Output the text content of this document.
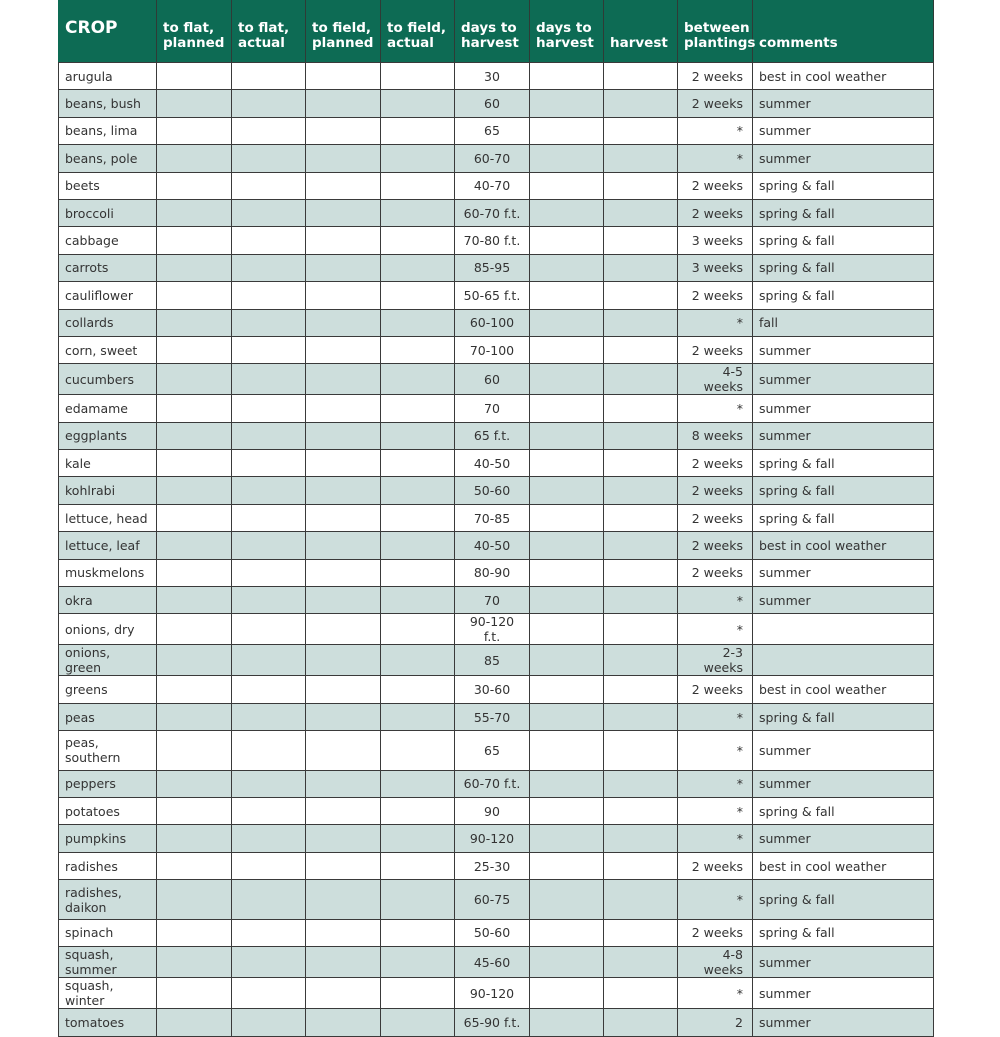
CROP	to flat, planned	to flat, actual	to field, planned	to field, actual	days to harvest	days to harvest	harvest	between plantings	comments
arugula					30			2 weeks	best in cool weather
beans, bush					60			2 weeks	summer
beans, lima					65			*	summer
beans, pole					60-70			*	summer
beets					40-70			2 weeks	spring & fall
broccoli					60-70 f.t.			2 weeks	spring & fall
cabbage					70-80 f.t.			3 weeks	spring & fall
carrots					85-95			3 weeks	spring & fall
cauliflower					50-65 f.t.			2 weeks	spring & fall
collards					60-100			*	fall
corn, sweet					70-100			2 weeks	summer
cucumbers					60			4-5 weeks	summer
edamame					70			*	summer
eggplants					65 f.t.			8 weeks	summer
kale					40-50			2 weeks	spring & fall
kohlrabi					50-60			2 weeks	spring & fall
lettuce, head					70-85			2 weeks	spring & fall
lettuce, leaf					40-50			2 weeks	best in cool weather
muskmelons					80-90			2 weeks	summer
okra					70			*	summer
onions, dry					90-120 f.t.			*	
onions, green					85			2-3 weeks	
greens					30-60			2 weeks	best in cool weather
peas					55-70			*	spring & fall
peas, southern					65			*	summer
peppers					60-70 f.t.			*	summer
potatoes					90			*	spring & fall
pumpkins					90-120			*	summer
radishes					25-30			2 weeks	best in cool weather
radishes, daikon					60-75			*	spring & fall
spinach					50-60			2 weeks	spring & fall
squash, summer					45-60			4-8 weeks	summer
squash, winter					90-120			*	summer
tomatoes					65-90 f.t.			2	summer
